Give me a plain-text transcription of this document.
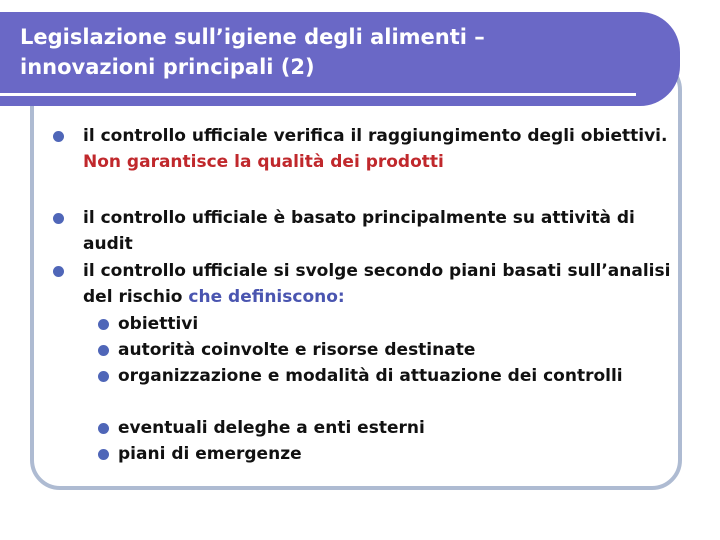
Legislazione sull’igiene degli alimenti –
innovazioni principali (2)
il controllo ufficiale verifica il raggiungimento degli obiettivi. Non garantisce la qualità dei prodotti
il controllo ufficiale è basato principalmente su attività di audit
il controllo ufficiale si svolge secondo piani basati sull’analisi del rischio che definiscono:
obiettivi
autorità coinvolte e risorse destinate
organizzazione e modalità di attuazione dei controlli
eventuali deleghe a enti esterni
piani di emergenze
